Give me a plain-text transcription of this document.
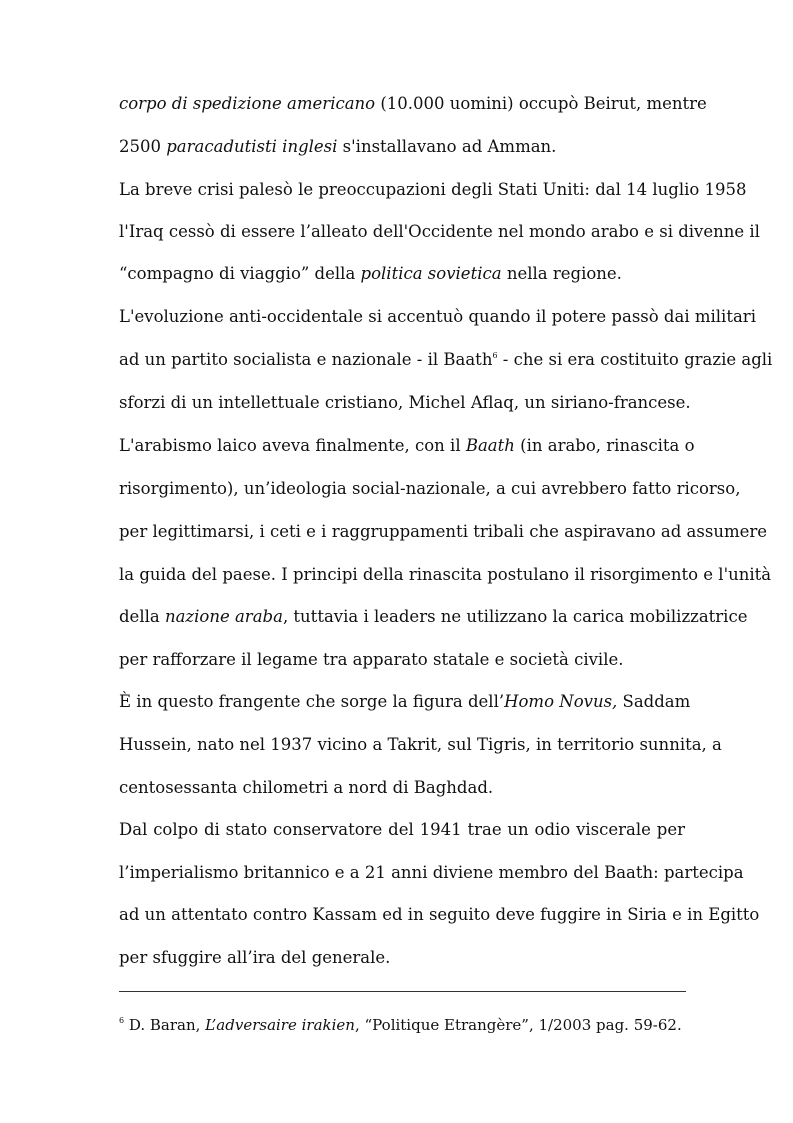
corpo di spedizione americano (10.000 uomini) occupò Beirut, mentre
2500 paracadutisti inglesi s'installavano ad Amman.
La breve crisi palesò le preoccupazioni degli Stati Uniti: dal 14 luglio 1958
l'Iraq cessò di essere l’alleato dell'Occidente nel mondo arabo e si divenne il
“compagno di viaggio” della politica sovietica nella regione.
L'evoluzione anti-occidentale si accentuò quando il potere passò dai militari
ad un partito socialista e nazionale - il Baath$^6$ - che si era costituito grazie agli
sforzi di un intellettuale cristiano, Michel Aflaq, un siriano-francese.
L'arabismo laico aveva finalmente, con il Baath (in arabo, rinascita o
risorgimento), un’ideologia social-nazionale, a cui avrebbero fatto ricorso,
per legittimarsi, i ceti e i raggruppamenti tribali che aspiravano ad assumere
la guida del paese. I principi della rinascita postulano il risorgimento e l'unità
della nazione araba, tuttavia i leaders ne utilizzano la carica mobilizzatrice
per rafforzare il legame tra apparato statale e società civile.
È in questo frangente che sorge la figura dell’Homo Novus, Saddam
Hussein, nato nel 1937 vicino a Takrit, sul Tigris, in territorio sunnita, a
centosessanta chilometri a nord di Baghdad.
Dal colpo di stato conservatore del 1941 trae un odio viscerale per
l’imperialismo britannico e a 21 anni diviene membro del Baath: partecipa
ad un attentato contro Kassam ed in seguito deve fuggire in Siria e in Egitto
per sfuggire all’ira del generale.
$^6$ D. Baran, L’adversaire irakien, “Politique Etrangère”, 1/2003 pag. 59-62.
